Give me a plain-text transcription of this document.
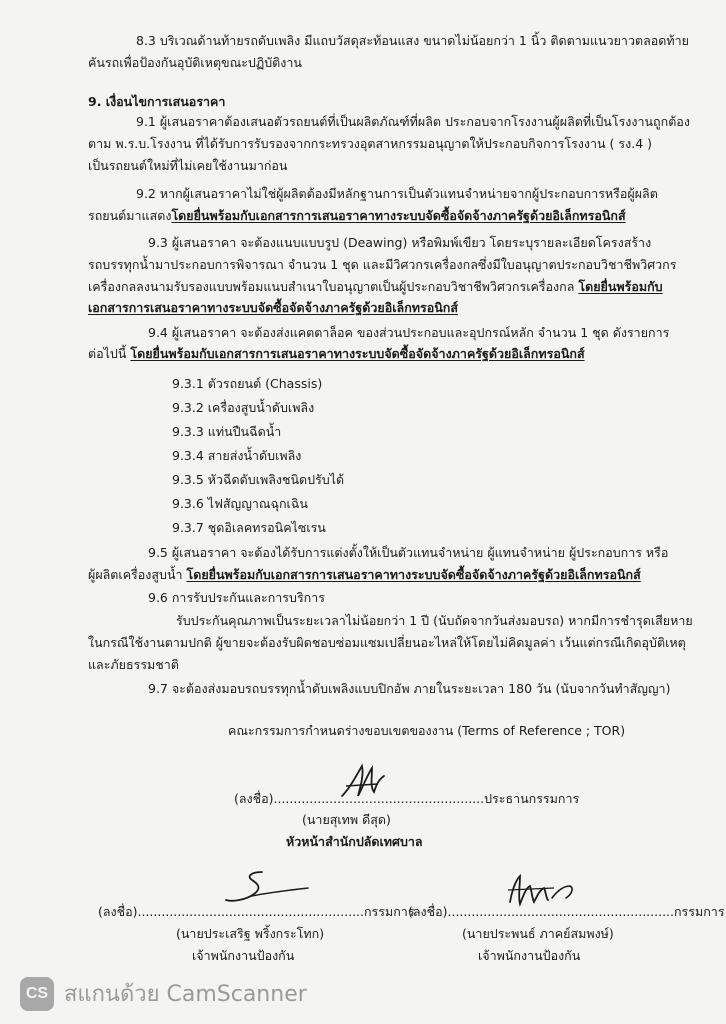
8.3 บริเวณด้านท้ายรถดับเพลิง มีแถบวัสดุสะท้อนแสง ขนาดไม่น้อยกว่า 1 นิ้ว ติดตามแนวยาวตลอดท้าย
คันรถเพื่อป้องกันอุบัติเหตุขณะปฏิบัติงาน
9. เงื่อนไขการเสนอราคา
9.1 ผู้เสนอราคาต้องเสนอตัวรถยนต์ที่เป็นผลิตภัณฑ์ที่ผลิต ประกอบจากโรงงานผู้ผลิตที่เป็นโรงงานถูกต้อง
ตาม พ.ร.บ.โรงงาน ที่ได้รับการรับรองจากกระทรวงอุตสาหกรรมอนุญาตให้ประกอบกิจการโรงงาน ( รง.4 )
เป็นรถยนต์ใหม่ที่ไม่เคยใช้งานมาก่อน
9.2 หากผู้เสนอราคาไม่ใช่ผู้ผลิตต้องมีหลักฐานการเป็นตัวแทนจำหน่ายจากผู้ประกอบการหรือผู้ผลิต
รถยนต์มาแสดงโดยยื่นพร้อมกับเอกสารการเสนอราคาทางระบบจัดซื้อจัดจ้างภาครัฐด้วยอิเล็กทรอนิกส์
9.3 ผู้เสนอราคา จะต้องแนบแบบรูป (Deawing) หรือพิมพ์เขียว โดยระบุรายละเอียดโครงสร้าง
รถบรรทุกน้ำมาประกอบการพิจารณา จำนวน 1 ชุด และมีวิศวกรเครื่องกลซึ่งมีใบอนุญาตประกอบวิชาชีพวิศวกร
เครื่องกลลงนามรับรองแบบพร้อมแนบสำเนาใบอนุญาตเป็นผู้ประกอบวิชาชีพวิศวกรเครื่องกล โดยยื่นพร้อมกับ
เอกสารการเสนอราคาทางระบบจัดซื้อจัดจ้างภาครัฐด้วยอิเล็กทรอนิกส์
9.4 ผู้เสนอราคา จะต้องส่งแคตตาล็อค ของส่วนประกอบและอุปกรณ์หลัก จำนวน 1 ชุด ดังรายการ
ต่อไปนี้ โดยยื่นพร้อมกับเอกสารการเสนอราคาทางระบบจัดซื้อจัดจ้างภาครัฐด้วยอิเล็กทรอนิกส์
9.3.1 ตัวรถยนต์ (Chassis)
9.3.2 เครื่องสูบน้ำดับเพลิง
9.3.3 แท่นปืนฉีดน้ำ
9.3.4 สายส่งน้ำดับเพลิง
9.3.5 หัวฉีดดับเพลิงชนิดปรับได้
9.3.6 ไฟสัญญาณฉุกเฉิน
9.3.7 ชุดอิเลคทรอนิคไซเรน
9.5 ผู้เสนอราคา จะต้องได้รับการแต่งตั้งให้เป็นตัวแทนจำหน่าย ผู้แทนจำหน่าย ผู้ประกอบการ หรือ
ผู้ผลิตเครื่องสูบน้ำ โดยยื่นพร้อมกับเอกสารการเสนอราคาทางระบบจัดซื้อจัดจ้างภาครัฐด้วยอิเล็กทรอนิกส์
9.6 การรับประกันและการบริการ
รับประกันคุณภาพเป็นระยะเวลาไม่น้อยกว่า 1 ปี (นับถัดจากวันส่งมอบรถ) หากมีการชำรุดเสียหาย
ในกรณีใช้งานตามปกติ ผู้ขายจะต้องรับผิดชอบซ่อมแซมเปลี่ยนอะไหล่ให้โดยไม่คิดมูลค่า เว้นแต่กรณีเกิดอุบัติเหตุ
และภัยธรรมชาติ
9.7 จะต้องส่งมอบรถบรรทุกน้ำดับเพลิงแบบปิกอัพ ภายในระยะเวลา 180 วัน (นับจากวันทำสัญญา)
คณะกรรมการกำหนดร่างขอบเขตของงาน (Terms of Reference ; TOR)
(ลงชื่อ).....................................................ประธานกรรมการ
(นายสุเทพ ดีสุด)
หัวหน้าสำนักปลัดเทศบาล
(ลงชื่อ).........................................................กรรมการ
(นายประเสริฐ พริ้งกระโทก)
เจ้าพนักงานป้องกัน
(ลงชื่อ).........................................................กรรมการ
(นายประพนธ์ ภาคย์สมพงษ์)
เจ้าพนักงานป้องกัน
CS สแกนด้วย CamScanner
